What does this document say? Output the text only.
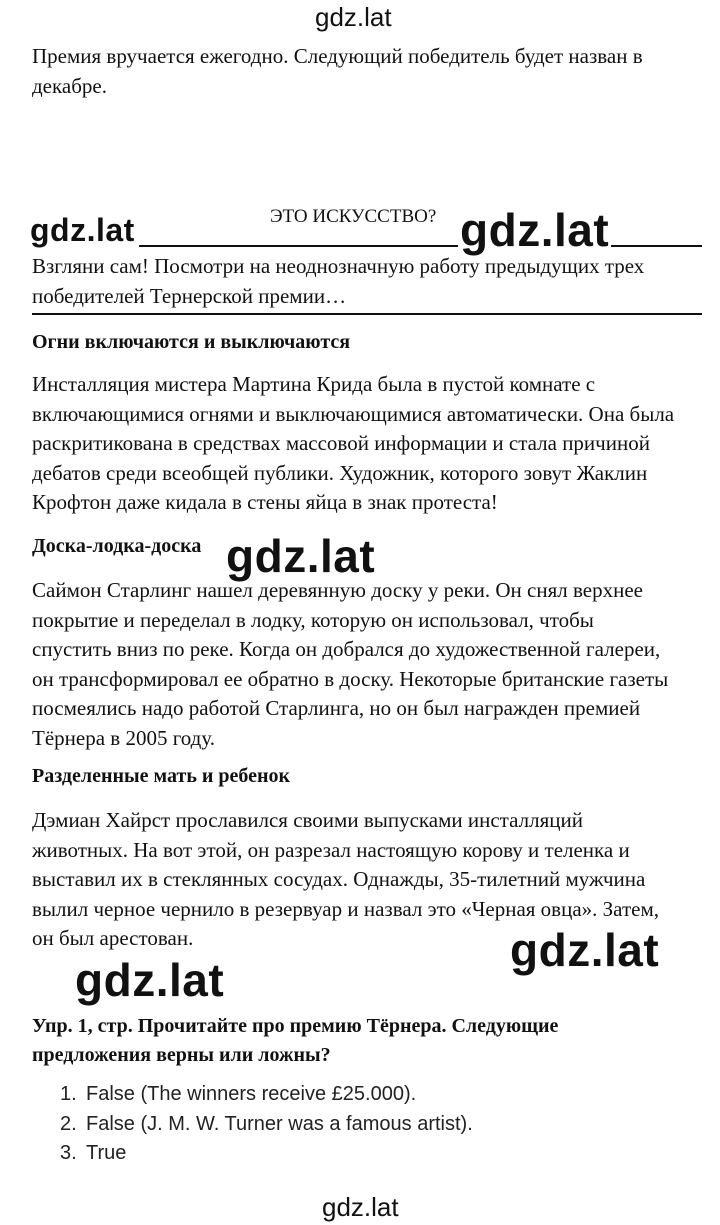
gdz.lat
Премия вручается ежегодно. Следующий победитель будет назван в
декабре.
ЭТО ИСКУССТВО?
gdz.lat	gdz.lat
Взгляни сам! Посмотри на неоднозначную работу предыдущих трех
победителей Тернерской премии…
Огни включаются и выключаются
Инсталляция мистера Мартина Крида была в пустой комнате с
включающимися огнями и выключающимися автоматически. Она была
раскритикована в средствах массовой информации и стала причиной
дебатов среди всеобщей публики. Художник, которого зовут Жаклин
Крофтон даже кидала в стены яйца в знак протеста!
Доска-лодка-доска
Саймон Старлинг нашел деревянную доску у реки. Он снял верхнее
покрытие и переделал в лодку, которую он использовал, чтобы
спустить вниз по реке. Когда он добрался до художественной галереи,
он трансформировал ее обратно в доску. Некоторые британские газеты
посмеялись надо работой Старлинга, но он был награжден премией
Тёрнера в 2005 году.
gdz.lat
Разделенные мать и ребенок
Дэмиан Хайрст прославился своими выпусками инсталляций
животных. На вот этой, он разрезал настоящую корову и теленка и
выставил их в стеклянных сосудах. Однажды, 35-тилетний мужчина
вылил черное чернило в резервуар и назвал это «Черная овца». Затем,
он был арестован.	gdz.lat
gdz.lat
Упр. 1, стр. Прочитайте про премию Тёрнера. Следующие
предложения верны или ложны?
1. False (The winners receive £25.000).
2. False (J. M. W. Turner was a famous artist).
3. True
gdz.lat
